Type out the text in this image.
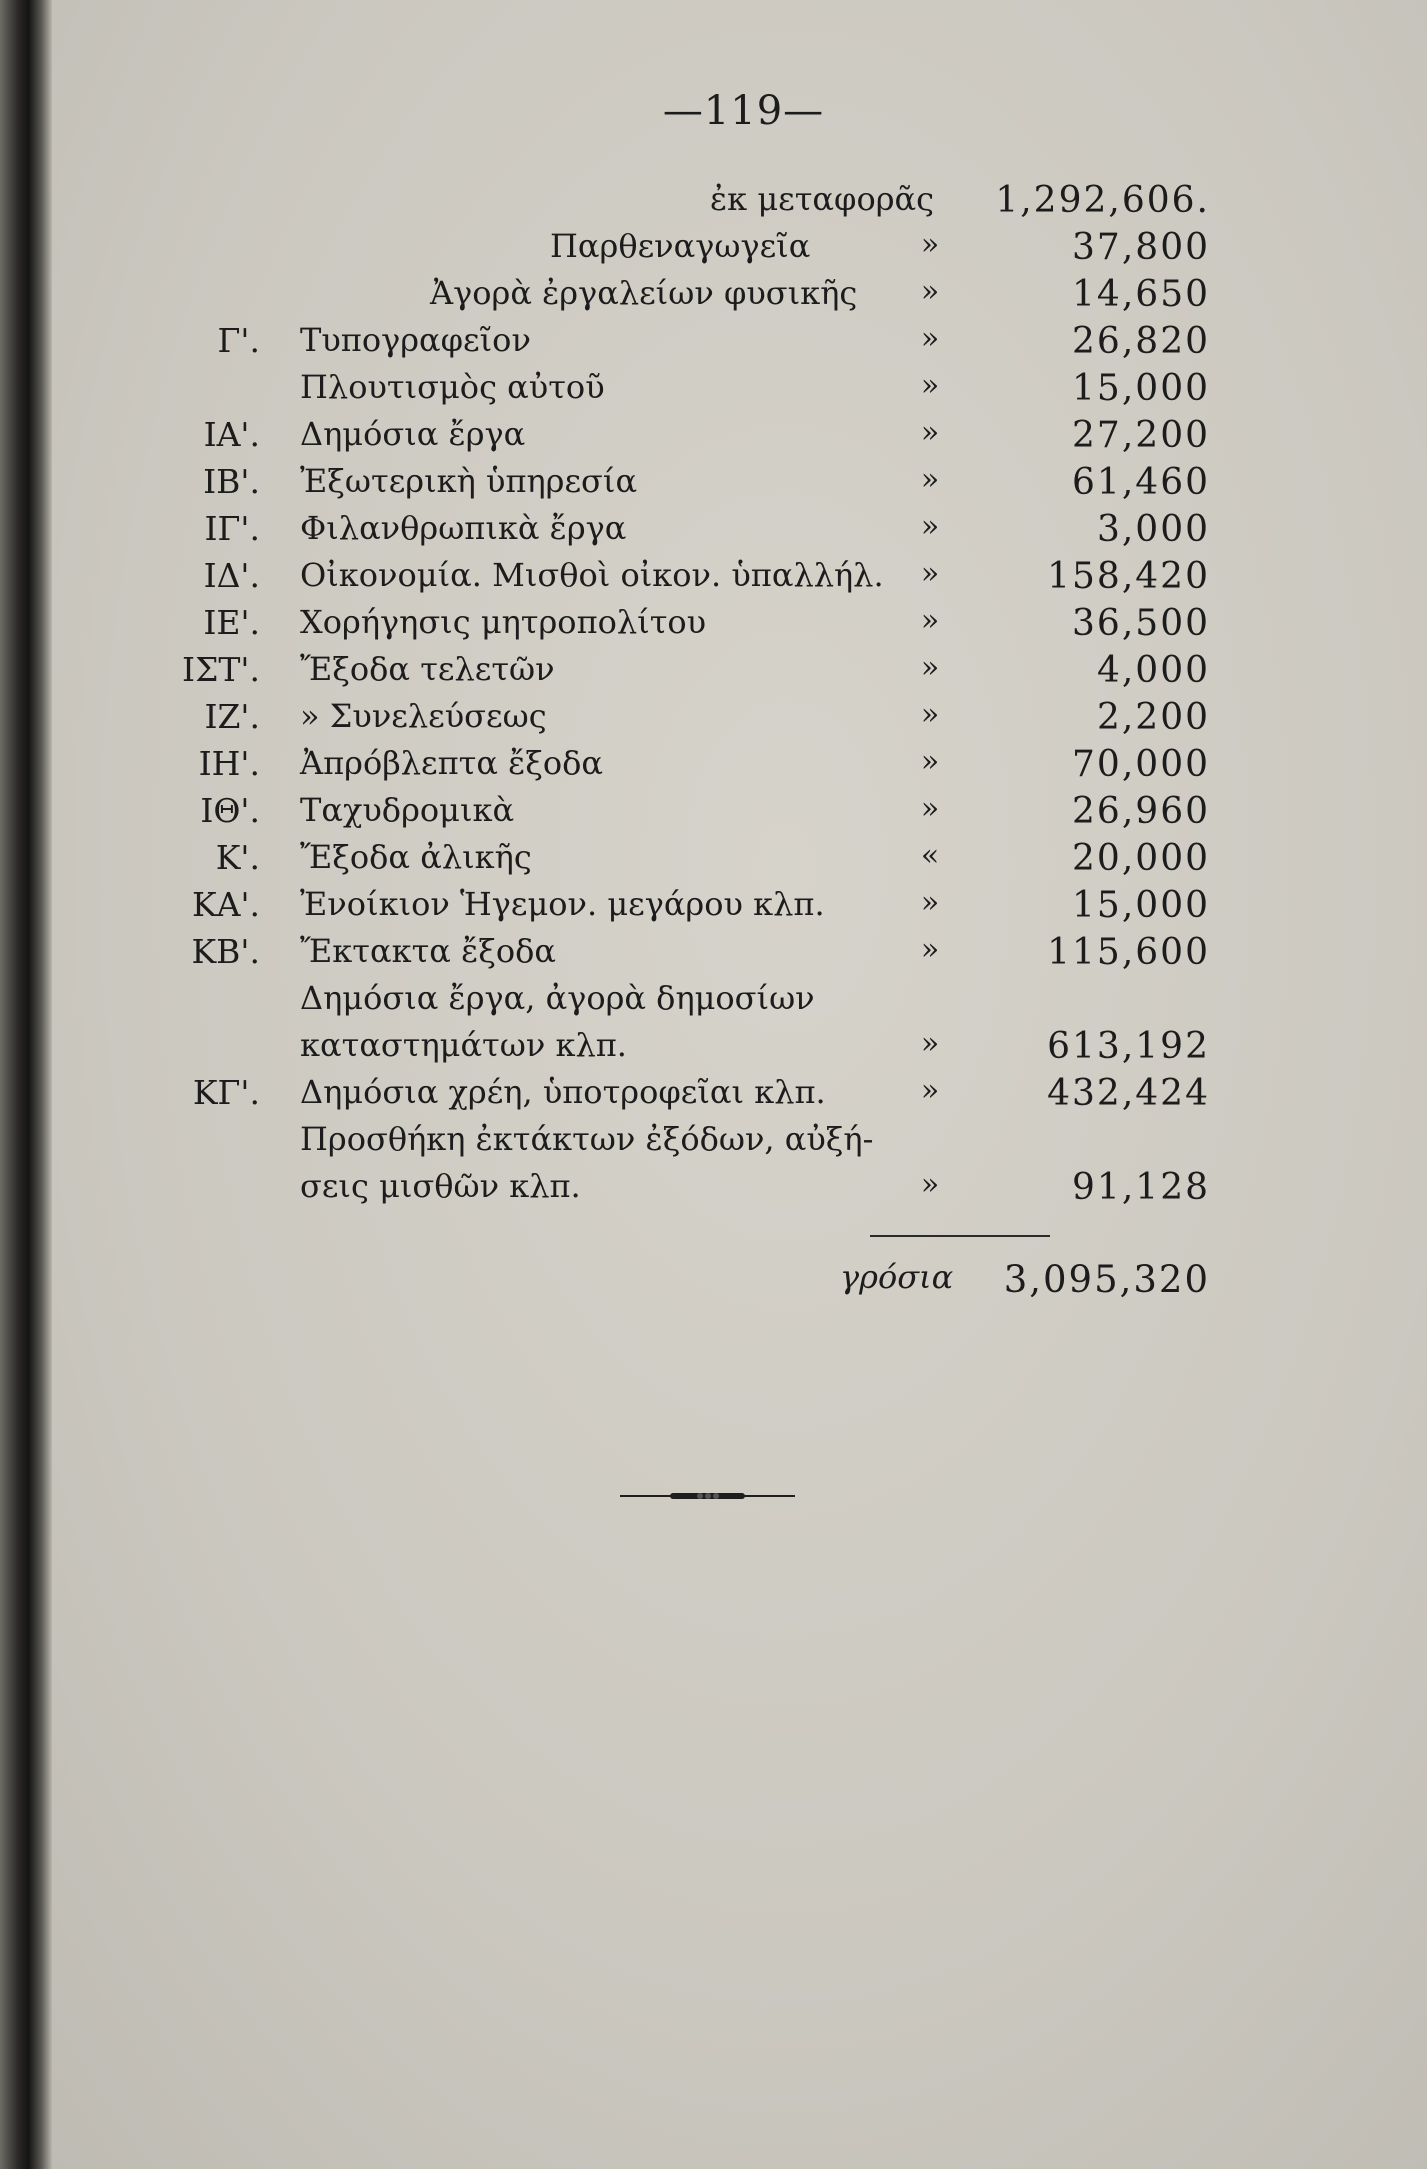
—119—
ἐκ μεταφορᾶς 1,292,606.
Παρθεναγωγεῖα	»	37,800
Ἀγορὰ ἐργαλείων φυσικῆς »	14,650
Γ'. Τυπογραφεῖον	»	26,820
Πλουτισμὸς αὐτοῦ	»	15,000
ΙΑ'. Δημόσια ἔργα	»	27,200
ΙΒ'. Ἐξωτερικὴ ὑπηρεσία	»	61,460
ΙΓ'. Φιλανθρωπικὰ ἔργα	»	3,000
ΙΔ'. Οἰκονομία. Μισθοὶ οἰκον. ὑπαλλήλ. »	158,420
ΙΕ'. Χορήγησις μητροπολίτου	»	36,500
ΙΣΤ'. Ἔξοδα τελετῶν	»	4,000
ΙΖ'. » Συνελεύσεως	»	2,200
ΙΗ'. Ἀπρόβλεπτα ἔξοδα	»	70,000
ΙΘ'. Ταχυδρομικὰ	»	26,960
Κ'. Ἔξοδα ἀλικῆς	«	20,000
ΚΑ'. Ἐνοίκιον Ἡγεμον. μεγάρου κλπ.	»	15,000
ΚΒ'. Ἔκτακτα ἔξοδα	»	115,600
Δημόσια ἔργα, ἀγορὰ δημοσίων
καταστημάτων κλπ.	»	613,192
ΚΓ'. Δημόσια χρέη, ὑποτροφεῖαι κλπ.	»	432,424
Προσθήκη ἐκτάκτων ἐξόδων, αὐξή-
σεις μισθῶν κλπ.	»	91,128
γρόσια 3,095,320
